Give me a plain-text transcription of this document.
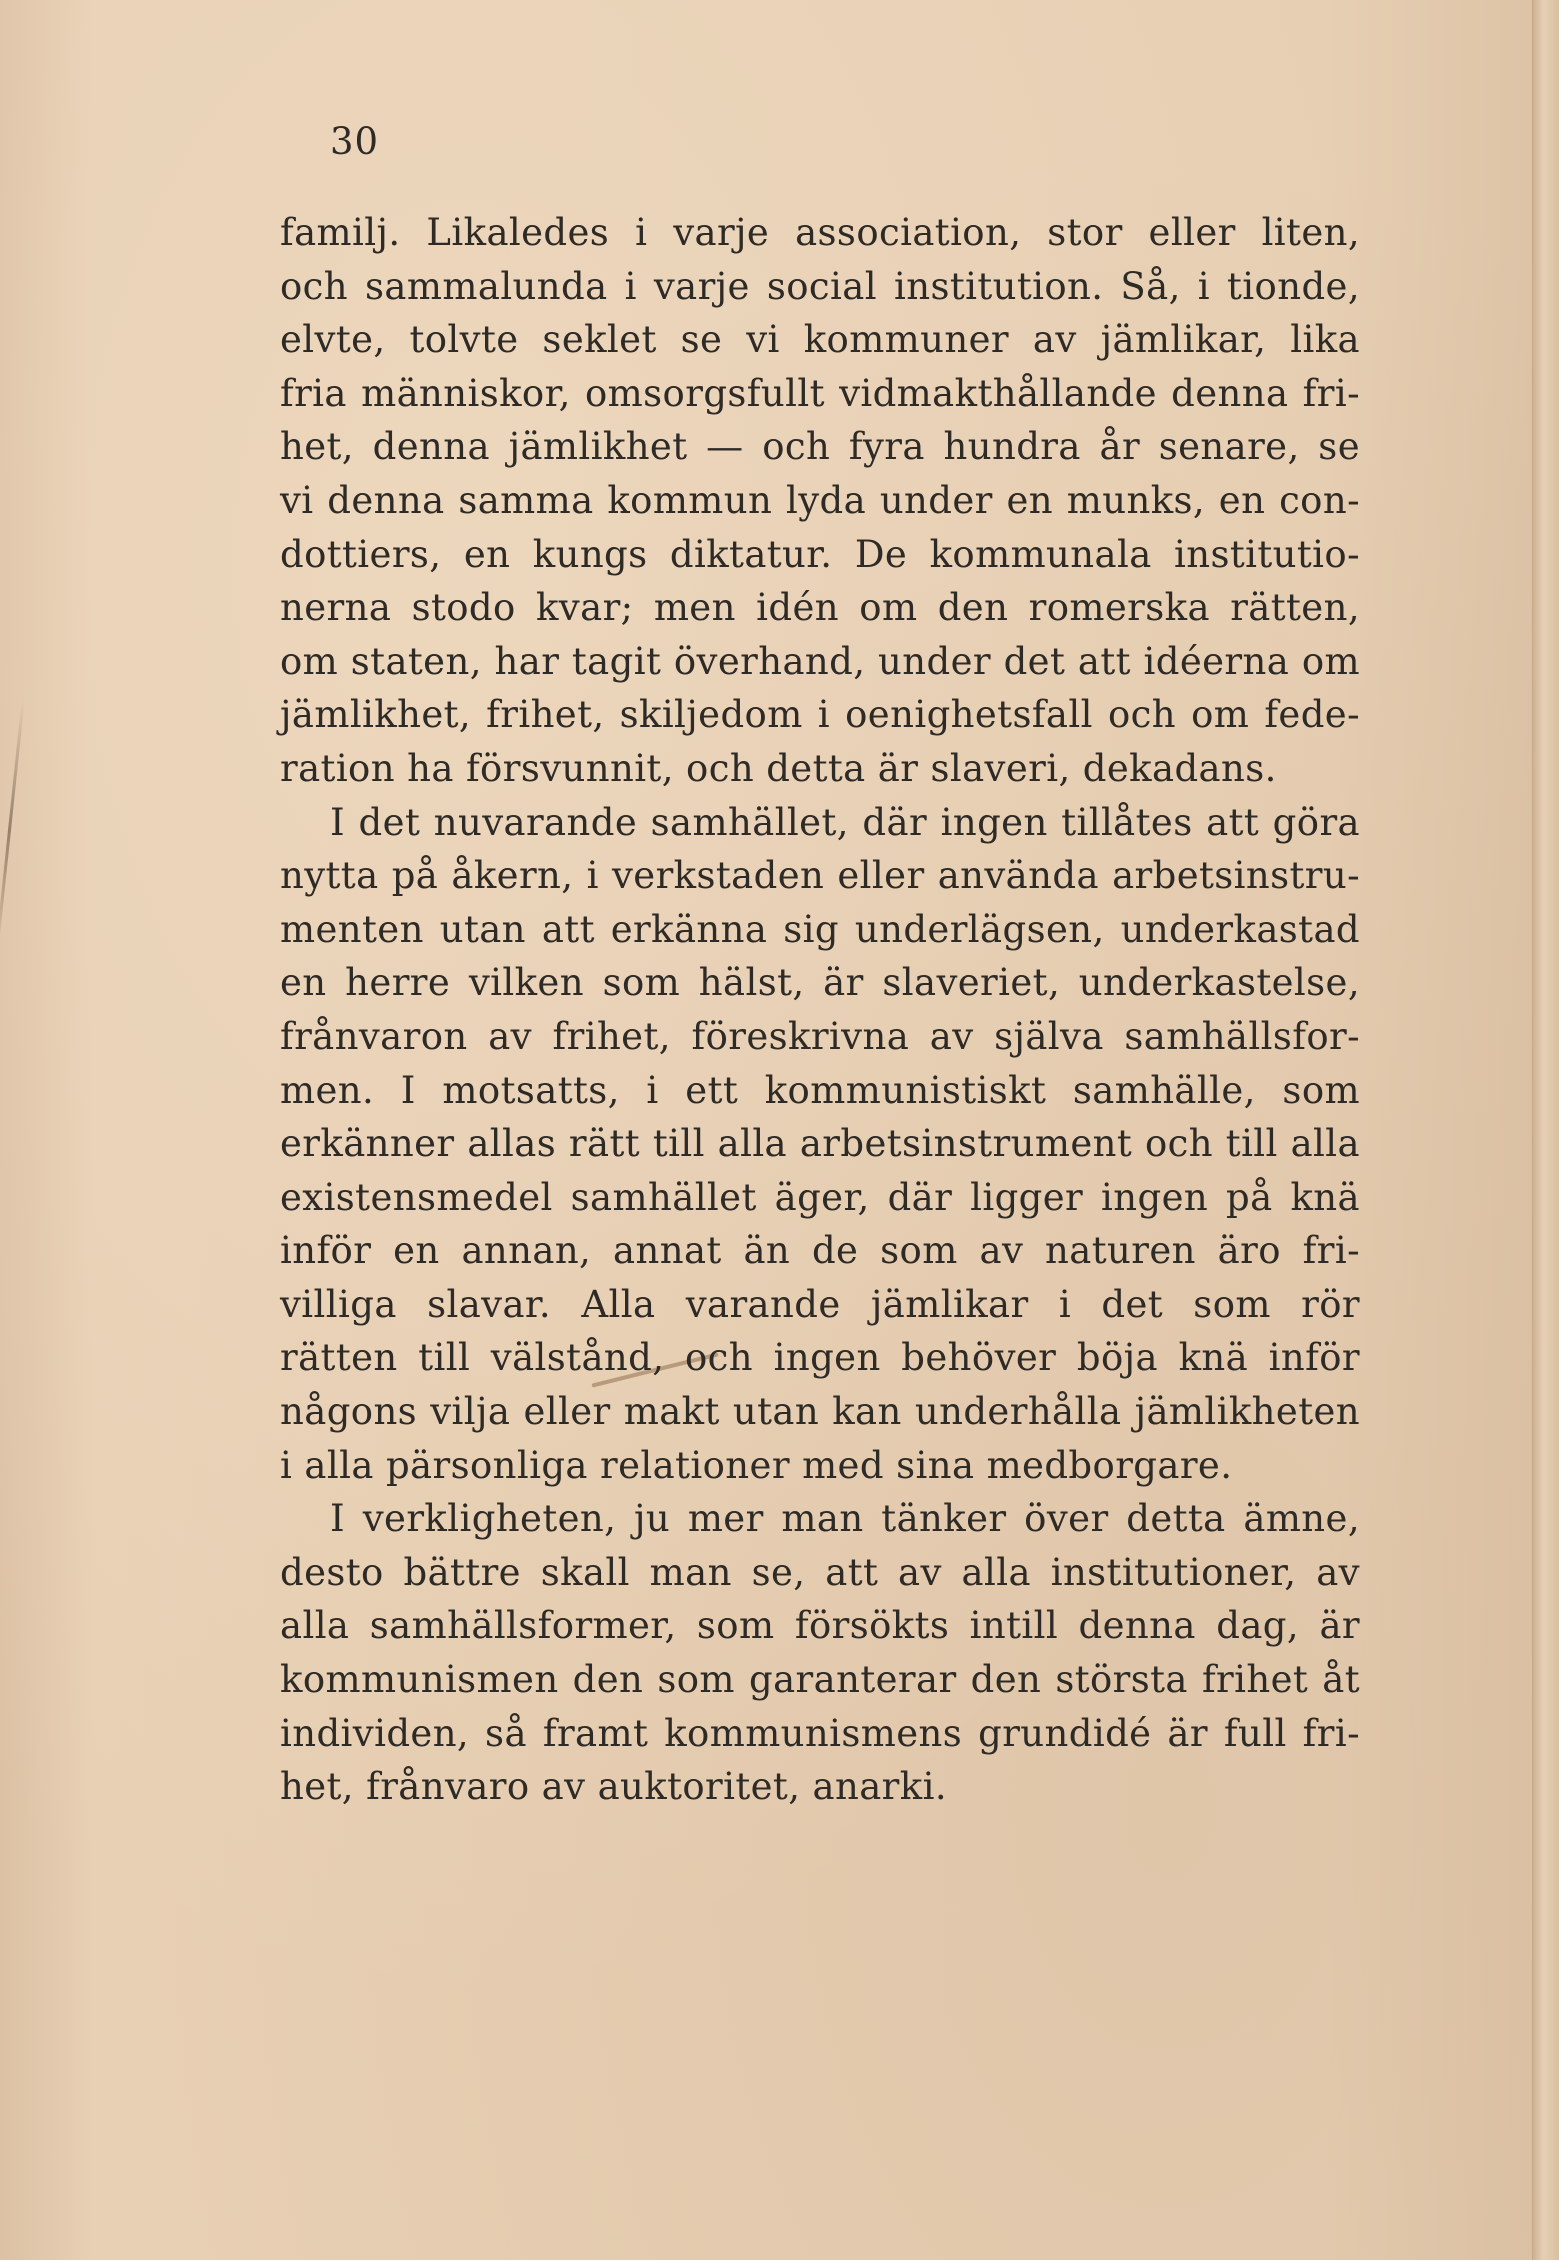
30
familj. Likaledes i varje association, stor eller liten,
och sammalunda i varje social institution. Så, i tionde,
elvte, tolvte seklet se vi kommuner av jämlikar, lika
fria människor, omsorgsfullt vidmakthållande denna fri-
het, denna jämlikhet — och fyra hundra år senare, se
vi denna samma kommun lyda under en munks, en con-
dottiers, en kungs diktatur. De kommunala institutio-
nerna stodo kvar; men idén om den romerska rätten,
om staten, har tagit överhand, under det att idéerna om
jämlikhet, frihet, skiljedom i oenighetsfall och om fede-
ration ha försvunnit, och detta är slaveri, dekadans.
I det nuvarande samhället, där ingen tillåtes att göra
nytta på åkern, i verkstaden eller använda arbetsinstru-
menten utan att erkänna sig underlägsen, underkastad
en herre vilken som hälst, är slaveriet, underkastelse,
frånvaron av frihet, föreskrivna av själva samhällsfor-
men. I motsatts, i ett kommunistiskt samhälle, som
erkänner allas rätt till alla arbetsinstrument och till alla
existensmedel samhället äger, där ligger ingen på knä
inför en annan, annat än de som av naturen äro fri-
villiga slavar. Alla varande jämlikar i det som rör
rätten till välstånd, och ingen behöver böja knä inför
någons vilja eller makt utan kan underhålla jämlikheten
i alla pärsonliga relationer med sina medborgare.
I verkligheten, ju mer man tänker över detta ämne,
desto bättre skall man se, att av alla institutioner, av
alla samhällsformer, som försökts intill denna dag, är
kommunismen den som garanterar den största frihet åt
individen, så framt kommunismens grundidé är full fri-
het, frånvaro av auktoritet, anarki.
